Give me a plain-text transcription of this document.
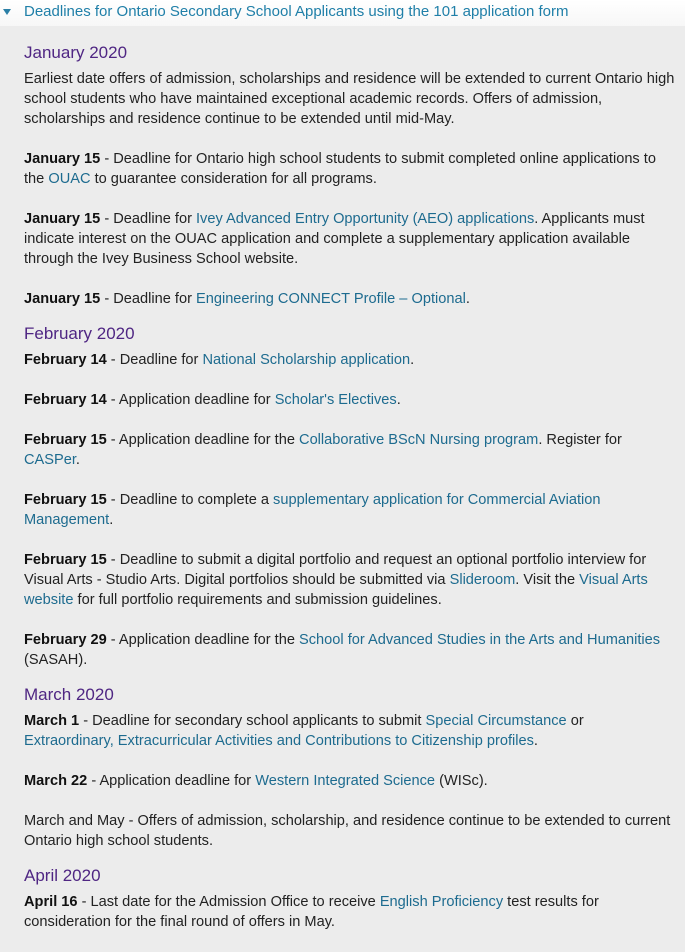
Deadlines for Ontario Secondary School Applicants using the 101 application form
January 2020

Earliest date offers of admission, scholarships and residence will be extended to current Ontario high school students who have maintained exceptional academic records. Offers of admission, scholarships and residence continue to be extended until mid-May.

January 15 - Deadline for Ontario high school students to submit completed online applications to the OUAC to guarantee consideration for all programs.

January 15 - Deadline for Ivey Advanced Entry Opportunity (AEO) applications. Applicants must indicate interest on the OUAC application and complete a supplementary application available through the Ivey Business School website.

January 15 - Deadline for Engineering CONNECT Profile – Optional.

February 2020

February 14 - Deadline for National Scholarship application.

February 14 - Application deadline for Scholar's Electives.

February 15 - Application deadline for the Collaborative BScN Nursing program. Register for CASPer.

February 15 - Deadline to complete a supplementary application for Commercial Aviation Management.

February 15 - Deadline to submit a digital portfolio and request an optional portfolio interview for Visual Arts - Studio Arts. Digital portfolios should be submitted via Slideroom. Visit the Visual Arts website for full portfolio requirements and submission guidelines.

February 29 - Application deadline for the School for Advanced Studies in the Arts and Humanities (SASAH).

March 2020

March 1 - Deadline for secondary school applicants to submit Special Circumstance or Extraordinary, Extracurricular Activities and Contributions to Citizenship profiles.

March 22 - Application deadline for Western Integrated Science (WISc).

March and May - Offers of admission, scholarship, and residence continue to be extended to current Ontario high school students.

April 2020

April 16 - Last date for the Admission Office to receive English Proficiency test results for consideration for the final round of offers in May.
